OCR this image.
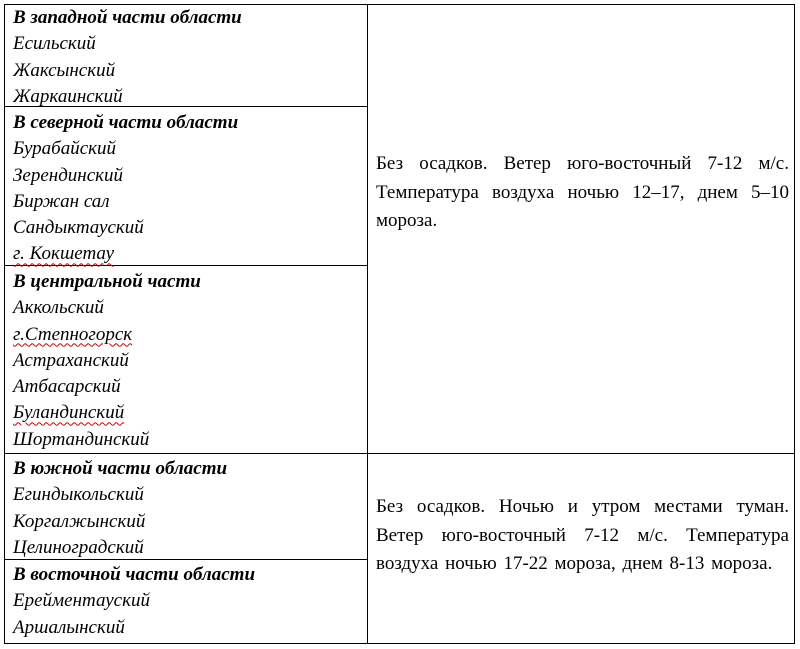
В западной части области
Есильский
Жаксынский
Жаркаинский
В северной части области
Бурабайский
Зерендинский
Биржан сал
Сандыктауский
г. Кокшетау
В центральной части
Аккольский
г.Степногорск
Астраханский
Атбасарский
Буландинский
Шортандинский
В южной части области
Егиндыкольский
Коргалжынский
Целиноградский
В восточной части области
Ерейментауский
Аршалынский
Без осадков. Ветер юго-восточный 7-12 м/с. Температура воздуха ночью 12–17, днем 5–10 мороза.
Без осадков. Ночью и утром местами туман. Ветер юго-восточный 7-12 м/с. Температура воздуха ночью 17-22 мороза, днем 8-13 мороза.
